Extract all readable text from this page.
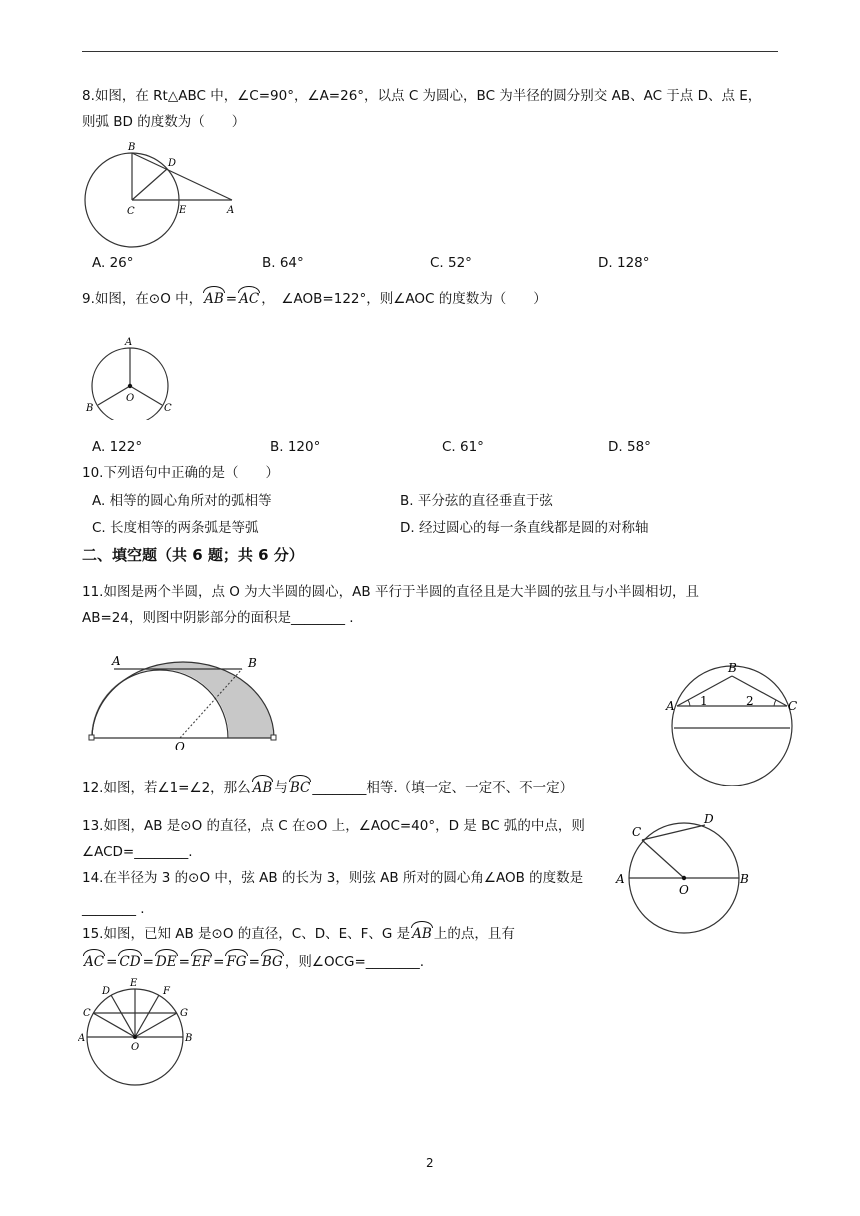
8.如图，在 Rt△ABC 中，∠C=90°，∠A=26°，以点 C 为圆心，BC 为半径的圆分别交 AB、AC 于点 D、点 E，
则弧 BD 的度数为（　　）
B
D
C	E	A
A. 26°	B. 64°	C. 52°	D. 128°
9.如图，在⊙O 中， AB = AC ，　∠AOB=122°，则∠AOC 的度数为（　　）
A
O
B	C
A. 122°	B. 120°	C. 61°	D. 58°
10.下列语句中正确的是（　　）
A. 相等的圆心角所对的弧相等	B. 平分弦的直径垂直于弦
C. 长度相等的两条弧是等弧	D. 经过圆心的每一条直线都是圆的对称轴
二、填空题（共 6 题；共 6 分）
11.如图是两个半圆，点 O 为大半圆的圆心，AB 平行于半圆的直径且是大半圆的弦且与小半圆相切，且
AB=24，则图中阴影部分的面积是________ .
A	B
O
B
A	C
1	2
12.如图，若∠1=∠2，那么 AB 与 BC ________相等.（填一定、一定不、不一定）
13.如图，AB 是⊙O 的直径，点 C 在⊙O 上，∠AOC=40°，D 是 BC 弧的中点，则
∠ACD=________.
C
D
A	B
O
14.在半径为 3 的⊙O 中，弦 AB 的长为 3，则弦 AB 所对的圆心角∠AOB 的度数是
________ .
15.如图，已知 AB 是⊙O 的直径，C、D、E、F、G 是 AB 上的点，且有
AC = CD = DE = EF = FG = BG ，则∠OCG=________.
E
D	F
C	G
A	B
O
2
